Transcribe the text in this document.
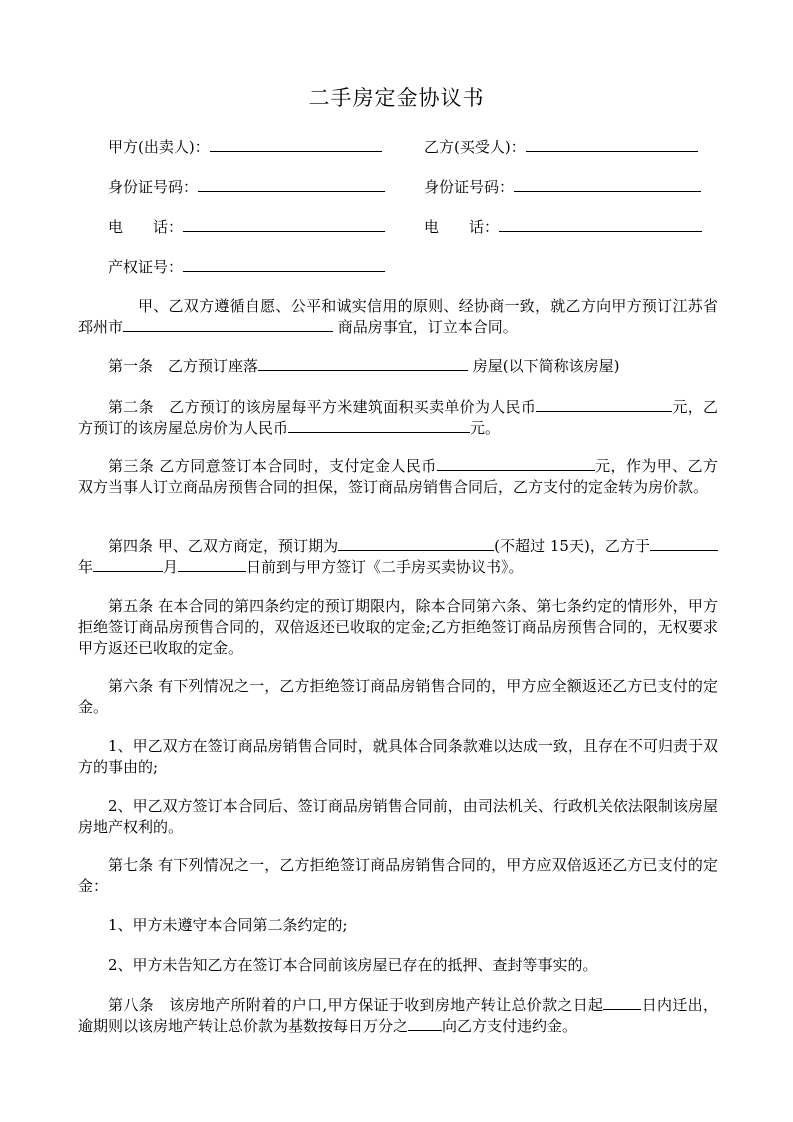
二手房定金协议书
甲方(出卖人)：	乙方(买受人)：
身份证号码：	身份证号码：
电　　话：	电　　话：
产权证号：

甲、乙双方遵循自愿、公平和诚实信用的原则、经协商一致，就乙方向甲方预订江苏省邳州市	商品房事宜，订立本合同。

第一条　乙方预订座落	房屋(以下简称该房屋)

第二条　乙方预订的该房屋每平方米建筑面积买卖单价为人民币	元，乙方预订的该房屋总房价为人民币	元。

第三条 乙方同意签订本合同时，支付定金人民币	元，作为甲、乙方双方当事人订立商品房预售合同的担保，签订商品房销售合同后，乙方支付的定金转为房价款。

第四条 甲、乙双方商定，预订期为	(不超过 15天)，乙方于年	月	日前到与甲方签订《二手房买卖协议书》。

第五条 在本合同的第四条约定的预订期限内，除本合同第六条、第七条约定的情形外，甲方拒绝签订商品房预售合同的，双倍返还已收取的定金;乙方拒绝签订商品房预售合同的，无权要求甲方返还已收取的定金。

第六条 有下列情况之一，乙方拒绝签订商品房销售合同的，甲方应全额返还乙方已支付的定金。

1、甲乙双方在签订商品房销售合同时，就具体合同条款难以达成一致，且存在不可归责于双方的事由的;

2、甲乙双方签订本合同后、签订商品房销售合同前，由司法机关、行政机关依法限制该房屋房地产权利的。

第七条 有下列情况之一，乙方拒绝签订商品房销售合同的，甲方应双倍返还乙方已支付的定金：

1、甲方未遵守本合同第二条约定的;

2、甲方未告知乙方在签订本合同前该房屋已存在的抵押、查封等事实的。

第八条　该房地产所附着的户口,甲方保证于收到房地产转让总价款之日起	日内迁出，逾期则以该房地产转让总价款为基数按每日万分之 向乙方支付违约金。
